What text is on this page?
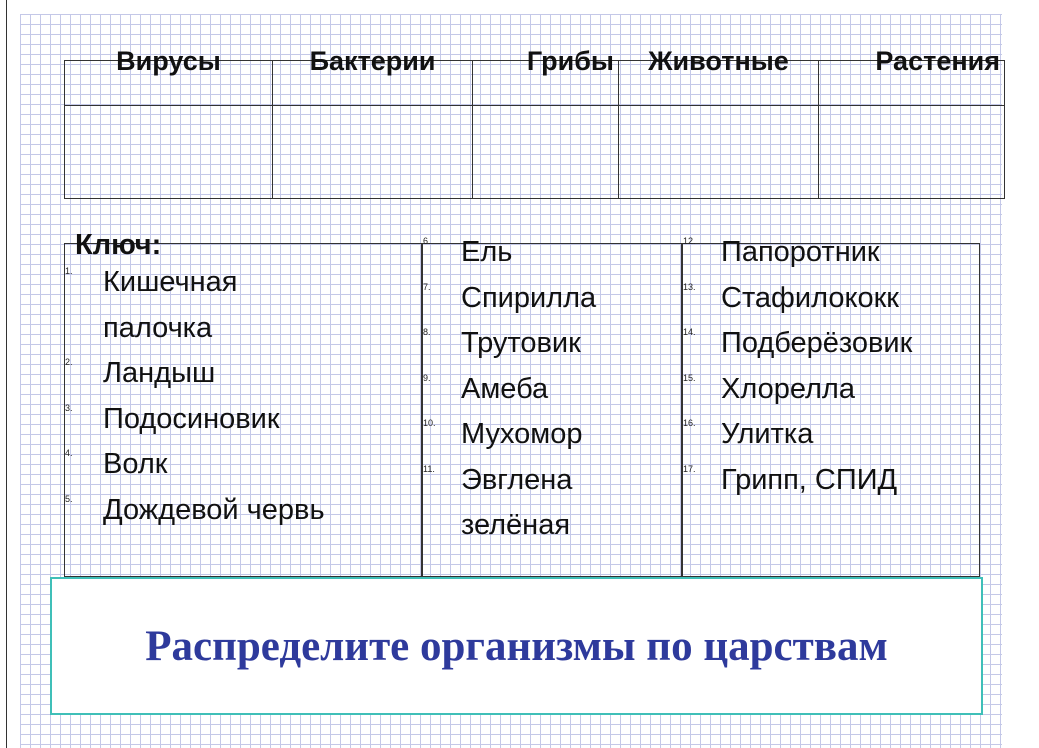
Вирусы	Бактерии	Грибы	Животные	Растения

Ключ:
1. Кишечная
палочка
2. Ландыш
3. Подосиновик
4. Волк
5. Дождевой червь
6. Ель
7. Спирилла
8. Трутовик
9. Амеба
10. Мухомор
11. Эвглена
зелёная
12. Папоротник
13. Стафилококк
14. Подберёзовик
15. Хлорелла
16. Улитка
17. Грипп, СПИД
Распределите организмы по царствам
